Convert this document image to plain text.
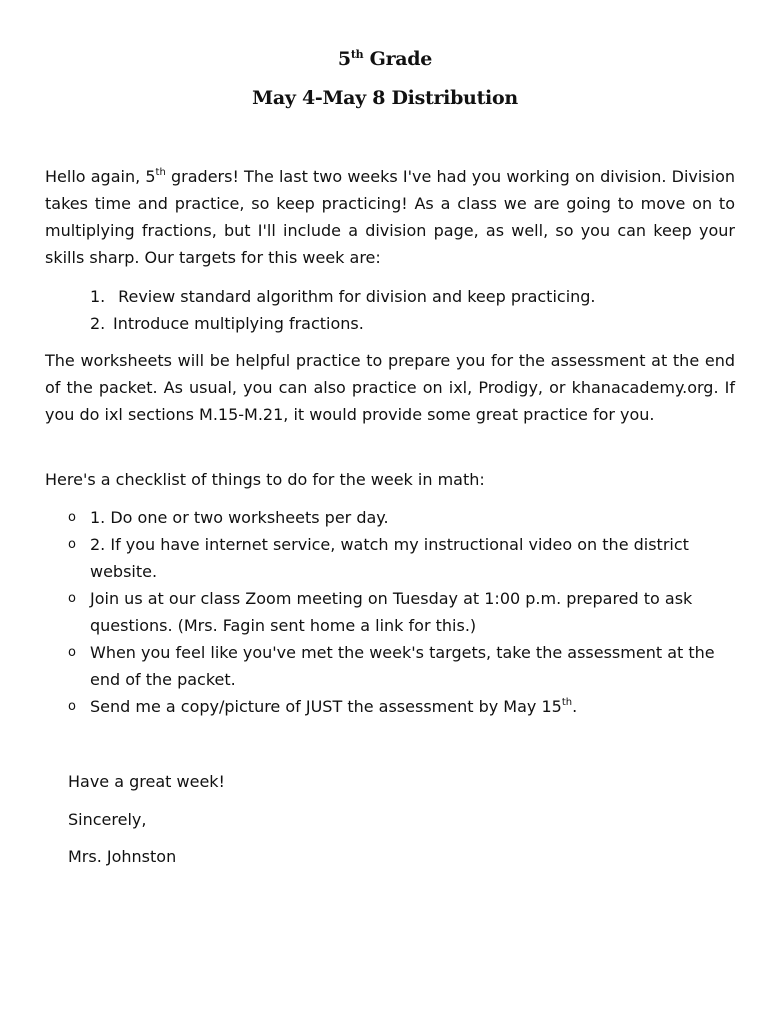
5th Grade
May 4-May 8 Distribution

Hello again, 5th graders! The last two weeks I've had you working on division. Division takes time and practice, so keep practicing! As a class we are going to move on to multiplying fractions, but I'll include a division page, as well, so you can keep your skills sharp. Our targets for this week are:

1. Review standard algorithm for division and keep practicing.
2. Introduce multiplying fractions.

The worksheets will be helpful practice to prepare you for the assessment at the end of the packet. As usual, you can also practice on ixl, Prodigy, or khanacademy.org. If you do ixl sections M.15-M.21, it would provide some great practice for you.

Here's a checklist of things to do for the week in math:

o 1. Do one or two worksheets per day.
o 2. If you have internet service, watch my instructional video on the district website.
o Join us at our class Zoom meeting on Tuesday at 1:00 p.m. prepared to ask questions. (Mrs. Fagin sent home a link for this.)
o When you feel like you've met the week's targets, take the assessment at the end of the packet.
o Send me a copy/picture of JUST the assessment by May 15th.
Have a great week!
Sincerely,
Mrs. Johnston
